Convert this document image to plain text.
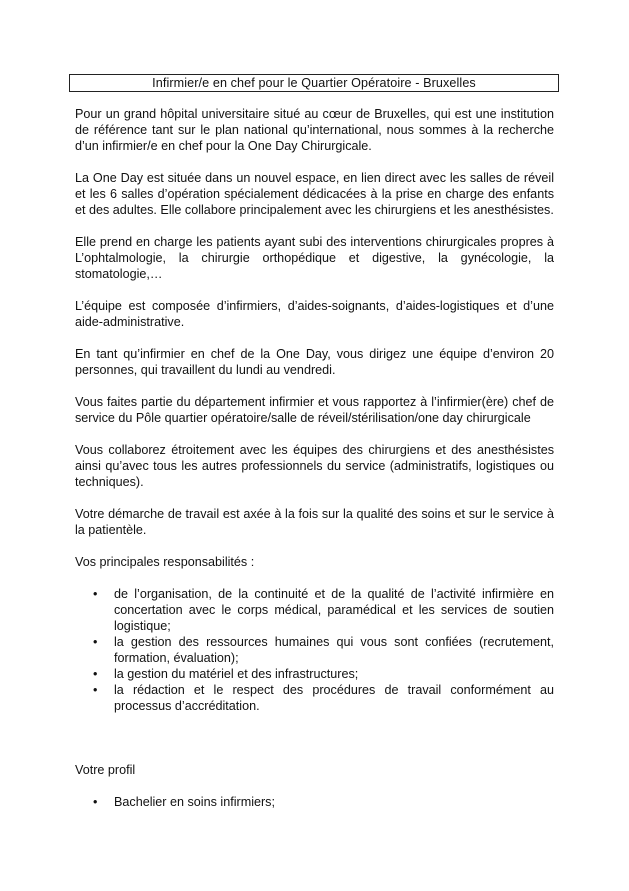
Infirmier/e en chef pour le Quartier Opératoire - Bruxelles

Pour un grand hôpital universitaire situé au cœur de Bruxelles, qui est une institution de référence tant sur le plan national qu’international, nous sommes à la recherche d’un infirmier/e en chef pour la One Day Chirurgicale.

La One Day est située dans un nouvel espace, en lien direct avec les salles de réveil et les 6 salles d’opération spécialement dédicacées à la prise en charge des enfants et des adultes. Elle collabore principalement avec les chirurgiens et les anesthésistes.

Elle prend en charge les patients ayant subi des interventions chirurgicales propres à L’ophtalmologie, la chirurgie orthopédique et digestive, la gynécologie, la stomatologie,…

L’équipe est composée d’infirmiers, d’aides-soignants, d’aides-logistiques et d’une aide-administrative.

En tant qu’infirmier en chef de la One Day, vous dirigez une équipe d’environ 20 personnes, qui travaillent du lundi au vendredi.

Vous faites partie du département infirmier et vous rapportez à l’infirmier(ère) chef de service du Pôle quartier opératoire/salle de réveil/stérilisation/one day chirurgicale

Vous collaborez étroitement avec les équipes des chirurgiens et des anesthésistes ainsi qu’avec tous les autres professionnels du service (administratifs, logistiques ou techniques).

Votre démarche de travail est axée à la fois sur la qualité des soins et sur le service à la patientèle.

Vos principales responsabilités :

•	de l’organisation, de la continuité et de la qualité de l’activité infirmière en concertation avec le corps médical, paramédical et les services de soutien logistique;
•	la gestion des ressources humaines qui vous sont confiées (recrutement, formation, évaluation);
•	la gestion du matériel et des infrastructures;
•	la rédaction et le respect des procédures de travail conformément au processus d’accréditation.

Votre profil

•	Bachelier en soins infirmiers;
